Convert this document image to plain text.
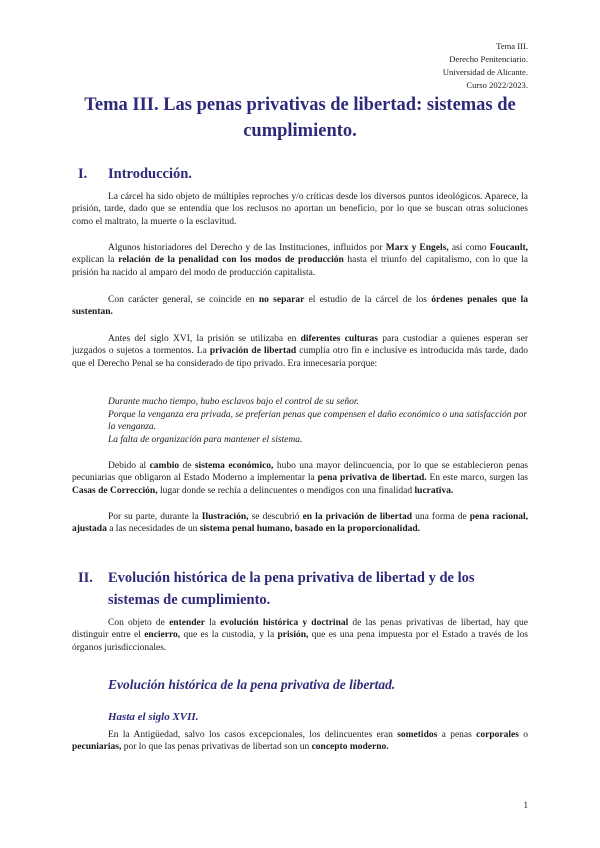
Tema III.
Derecho Penitenciario.
Universidad de Alicante.
Curso 2022/2023.
Tema III. Las penas privativas de libertad: sistemas de cumplimiento.
I. Introducción.

La cárcel ha sido objeto de múltiples reproches y/o críticas desde los diversos puntos ideológicos. Aparece, la prisión, tarde, dado que se entendía que los reclusos no aportan un beneficio, por lo que se buscan otras soluciones como el maltrato, la muerte o la esclavitud.

Algunos historiadores del Derecho y de las Instituciones, influidos por Marx y Engels, así como Foucault, explican la relación de la penalidad con los modos de producción hasta el triunfo del capitalismo, con lo que la prisión ha nacido al amparo del modo de producción capitalista.

Con carácter general, se coincide en no separar el estudio de la cárcel de los órdenes penales que la sustentan.

Antes del siglo XVI, la prisión se utilizaba en diferentes culturas para custodiar a quienes esperan ser juzgados o sujetos a tormentos. La privación de libertad cumplía otro fin e inclusive es introducida más tarde, dado que el Derecho Penal se ha considerado de tipo privado. Era innecesaria porque:

Durante mucho tiempo, hubo esclavos bajo el control de su señor.

Porque la venganza era privada, se preferían penas que compensen el daño económico o una satisfacción por la venganza.

La falta de organización para mantener el sistema.

Debido al cambio de sistema económico, hubo una mayor delincuencia, por lo que se establecieron penas pecuniarias que obligaron al Estado Moderno a implementar la pena privativa de libertad. En este marco, surgen las Casas de Corrección, lugar donde se rechía a delincuentes o mendigos con una finalidad lucrativa.

Por su parte, durante la Ilustración, se descubrió en la privación de libertad una forma de pena racional, ajustada a las necesidades de un sistema penal humano, basado en la proporcionalidad.

II. Evolución histórica de la pena privativa de libertad y de los sistemas de cumplimiento.

Con objeto de entender la evolución histórica y doctrinal de las penas privativas de libertad, hay que distinguir entre el encierro, que es la custodia, y la prisión, que es una pena impuesta por el Estado a través de los órganos jurisdiccionales.

Evolución histórica de la pena privativa de libertad.
Hasta el siglo XVII.

En la Antigüedad, salvo los casos excepcionales, los delincuentes eran sometidos a penas corporales o pecuniarias, por lo que las penas privativas de libertad son un concepto moderno.

1
